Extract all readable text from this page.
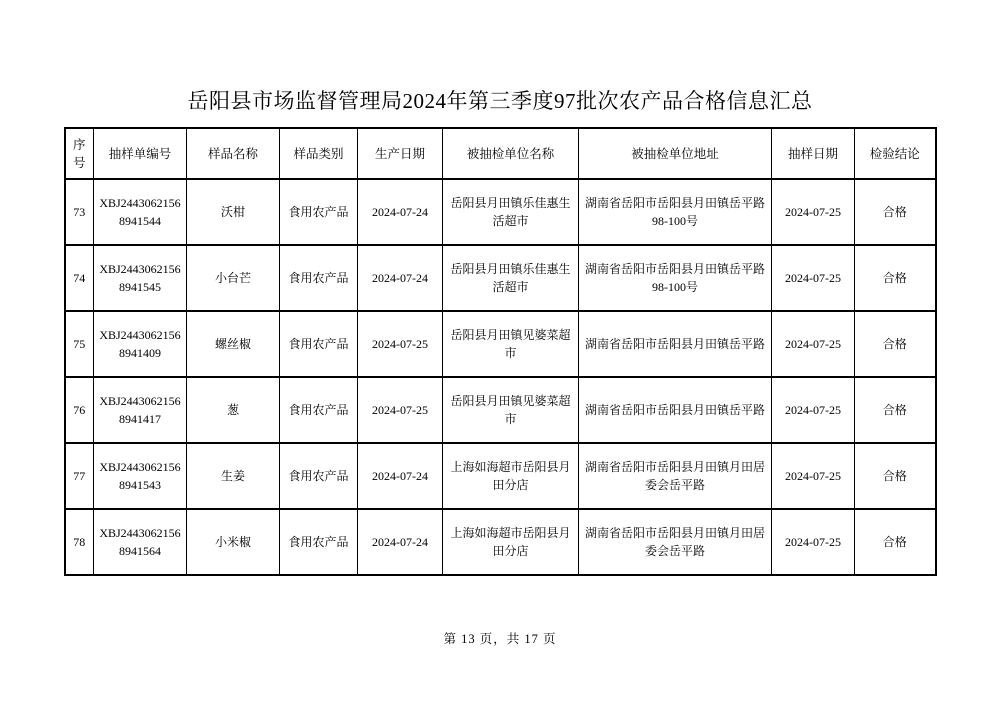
岳阳县市场监督管理局2024年第三季度97批次农产品合格信息汇总
序号	抽样单编号	样品名称	样品类别	生产日期	被抽检单位名称	被抽检单位地址	抽样日期	检验结论
73	XBJ24430621568941544	沃柑	食用农产品	2024-07-24	岳阳县月田镇乐佳惠生活超市	湖南省岳阳市岳阳县月田镇岳平路98-100号	2024-07-25	合格
74	XBJ24430621568941545	小台芒	食用农产品	2024-07-24	岳阳县月田镇乐佳惠生活超市	湖南省岳阳市岳阳县月田镇岳平路98-100号	2024-07-25	合格
75	XBJ24430621568941409	螺丝椒	食用农产品	2024-07-25	岳阳县月田镇见婆菜超市	湖南省岳阳市岳阳县月田镇岳平路	2024-07-25	合格
76	XBJ24430621568941417	葱	食用农产品	2024-07-25	岳阳县月田镇见婆菜超市	湖南省岳阳市岳阳县月田镇岳平路	2024-07-25	合格
77	XBJ24430621568941543	生姜	食用农产品	2024-07-24	上海如海超市岳阳县月田分店	湖南省岳阳市岳阳县月田镇月田居委会岳平路	2024-07-25	合格
78	XBJ24430621568941564	小米椒	食用农产品	2024-07-24	上海如海超市岳阳县月田分店	湖南省岳阳市岳阳县月田镇月田居委会岳平路	2024-07-25	合格
第 13 页，共 17 页
